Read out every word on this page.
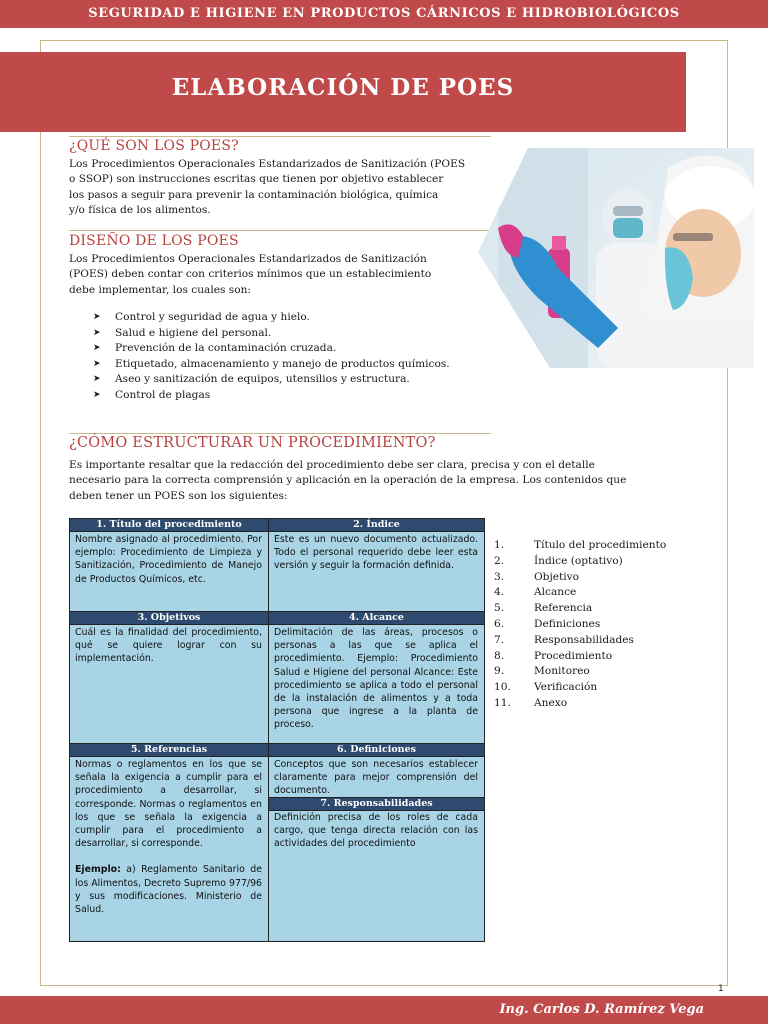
SEGURIDAD E HIGIENE EN PRODUCTOS CÁRNICOS E HIDROBIOLÓGICOS
ELABORACIÓN DE POES
¿QUÉ SON LOS POES?
Los Procedimientos Operacionales Estandarizados de Sanitización (POES
o SSOP) son instrucciones escritas que tienen por objetivo establecer
los pasos a seguir para prevenir la contaminación biológica, química
y/o física de los alimentos.
DISEÑO DE LOS POES
Los Procedimientos Operacionales Estandarizados de Sanitización
(POES) deben contar con criterios mínimos que un establecimiento
debe implementar, los cuales son:
➤ Control y seguridad de agua y hielo.
➤ Salud e higiene del personal.
➤ Prevención de la contaminación cruzada.
➤ Etiquetado, almacenamiento y manejo de productos químicos.
➤ Aseo y sanitización de equipos, utensilios y estructura.
➤ Control de plagas
¿CÓMO ESTRUCTURAR UN PROCEDIMIENTO?
Es importante resaltar que la redacción del procedimiento debe ser clara, precisa y con el detalle
necesario para la correcta comprensión y aplicación en la operación de la empresa. Los contenidos que
deben tener un POES son los siguientes:
1. Título del procedimiento	2. Índice
Nombre asignado al procedimiento. Por ejemplo: Procedimiento de Limpieza y Sanitización, Procedimiento de Manejo de Productos Químicos, etc.
Este es un nuevo documento actualizado. Todo el personal requerido debe leer esta versión y seguir la formación definida.
3. Objetivos	4. Alcance
Cuál es la finalidad del procedimiento, qué se quiere lograr con su implementación.
Delimitación de las áreas, procesos o personas a las que se aplica el procedimiento. Ejemplo: Procedimiento Salud e Higiene del personal Alcance: Este procedimiento se aplica a todo el personal de la instalación de alimentos y a toda persona que ingrese a la planta de proceso.
5. Referencias	6. Definiciones
Normas o reglamentos en los que se señala la exigencia a cumplir para el procedimiento a desarrollar, si corresponde. Normas o reglamentos en los que se señala la exigencia a cumplir para el procedimiento a desarrollar, si corresponde.
Ejemplo: a) Reglamento Sanitario de los Alimentos, Decreto Supremo 977/96 y sus modificaciones. Ministerio de Salud.
Conceptos que son necesarios establecer claramente para mejor comprensión del documento.
7. Responsabilidades
Definición precisa de los roles de cada cargo, que tenga directa relación con las actividades del procedimiento
1.	Título del procedimiento
2.	Índice (optativo)
3.	Objetivo
4.	Alcance
5.	Referencia
6.	Definiciones
7.	Responsabilidades
8.	Procedimiento
9.	Monitoreo
10. Verificación
11. Anexo
1
Ing. Carlos D. Ramírez Vega
